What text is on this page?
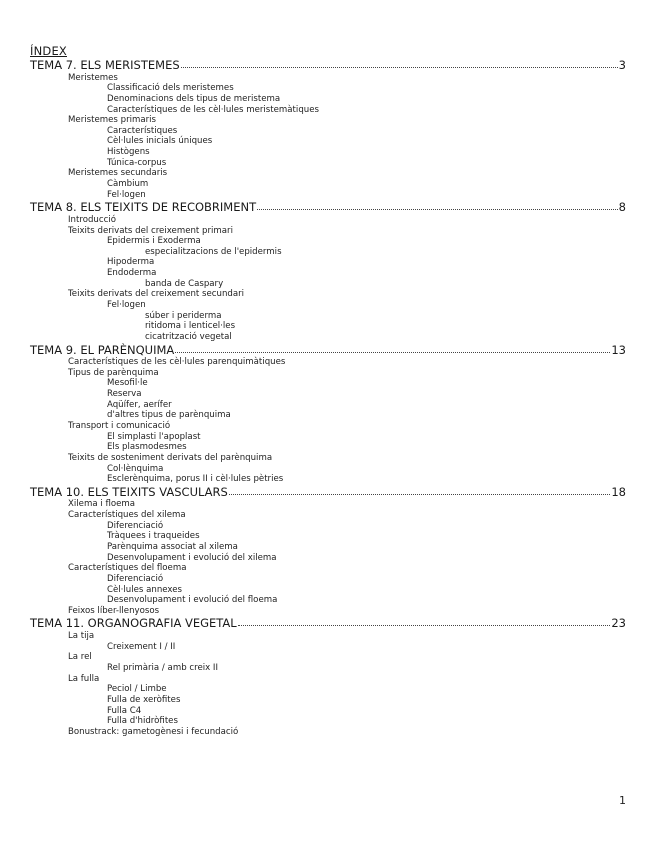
ÍNDEX
TEMA 7. ELS MERISTEMES	3
Meristemes
Classificació dels meristemes
Denominacions dels tipus de meristema
Característiques de les cèl·lules meristemàtiques
Meristemes primaris
Característiques
Cèl·lules inicials úniques
Histògens
Túnica-corpus
Meristemes secundaris
Càmbium
Fel·logen
TEMA 8. ELS TEIXITS DE RECOBRIMENT	8
Introducció
Teixits derivats del creixement primari
Epidermis i Exoderma
especialitzacions de l'epidermis
Hipoderma
Endoderma
banda de Caspary
Teixits derivats del creixement secundari
Fel·logen
súber i peridermа
ritidoma i lenticel·les
cicatrització vegetal
TEMA 9. EL PARÈNQUIMA	13
Característiques de les cèl·lules parenquimàtiques
Tipus de parènquima
Mesofil·le
Reserva
Aqüífer, aerífer
d'altres tipus de parènquima
Transport i comunicació
El simplasti l'apoplast
Els plasmodesmes
Teixits de sosteniment derivats del parènquima
Col·lènquima
Esclerènquima, porus II i cèl·lules pètries
TEMA 10. ELS TEIXITS VASCULARS	18
Xilema i floema
Característiques del xilema
Diferenciació
Tràquees i traqueides
Parènquima associat al xilema
Desenvolupament i evolució del xilema
Característiques del floema
Diferenciació
Cèl·lules annexes
Desenvolupament i evolució del floema
Feixos líber-llenyosos
TEMA 11. ORGANOGRAFIA VEGETAL	23
La tija
Creixement I / II
La rel
Rel primària / amb creix II
La fulla
Peciol / Limbe
Fulla de xeròfites
Fulla C4
Fulla d'hidròfites
Bonustrack: gametogènesi i fecundació
1
